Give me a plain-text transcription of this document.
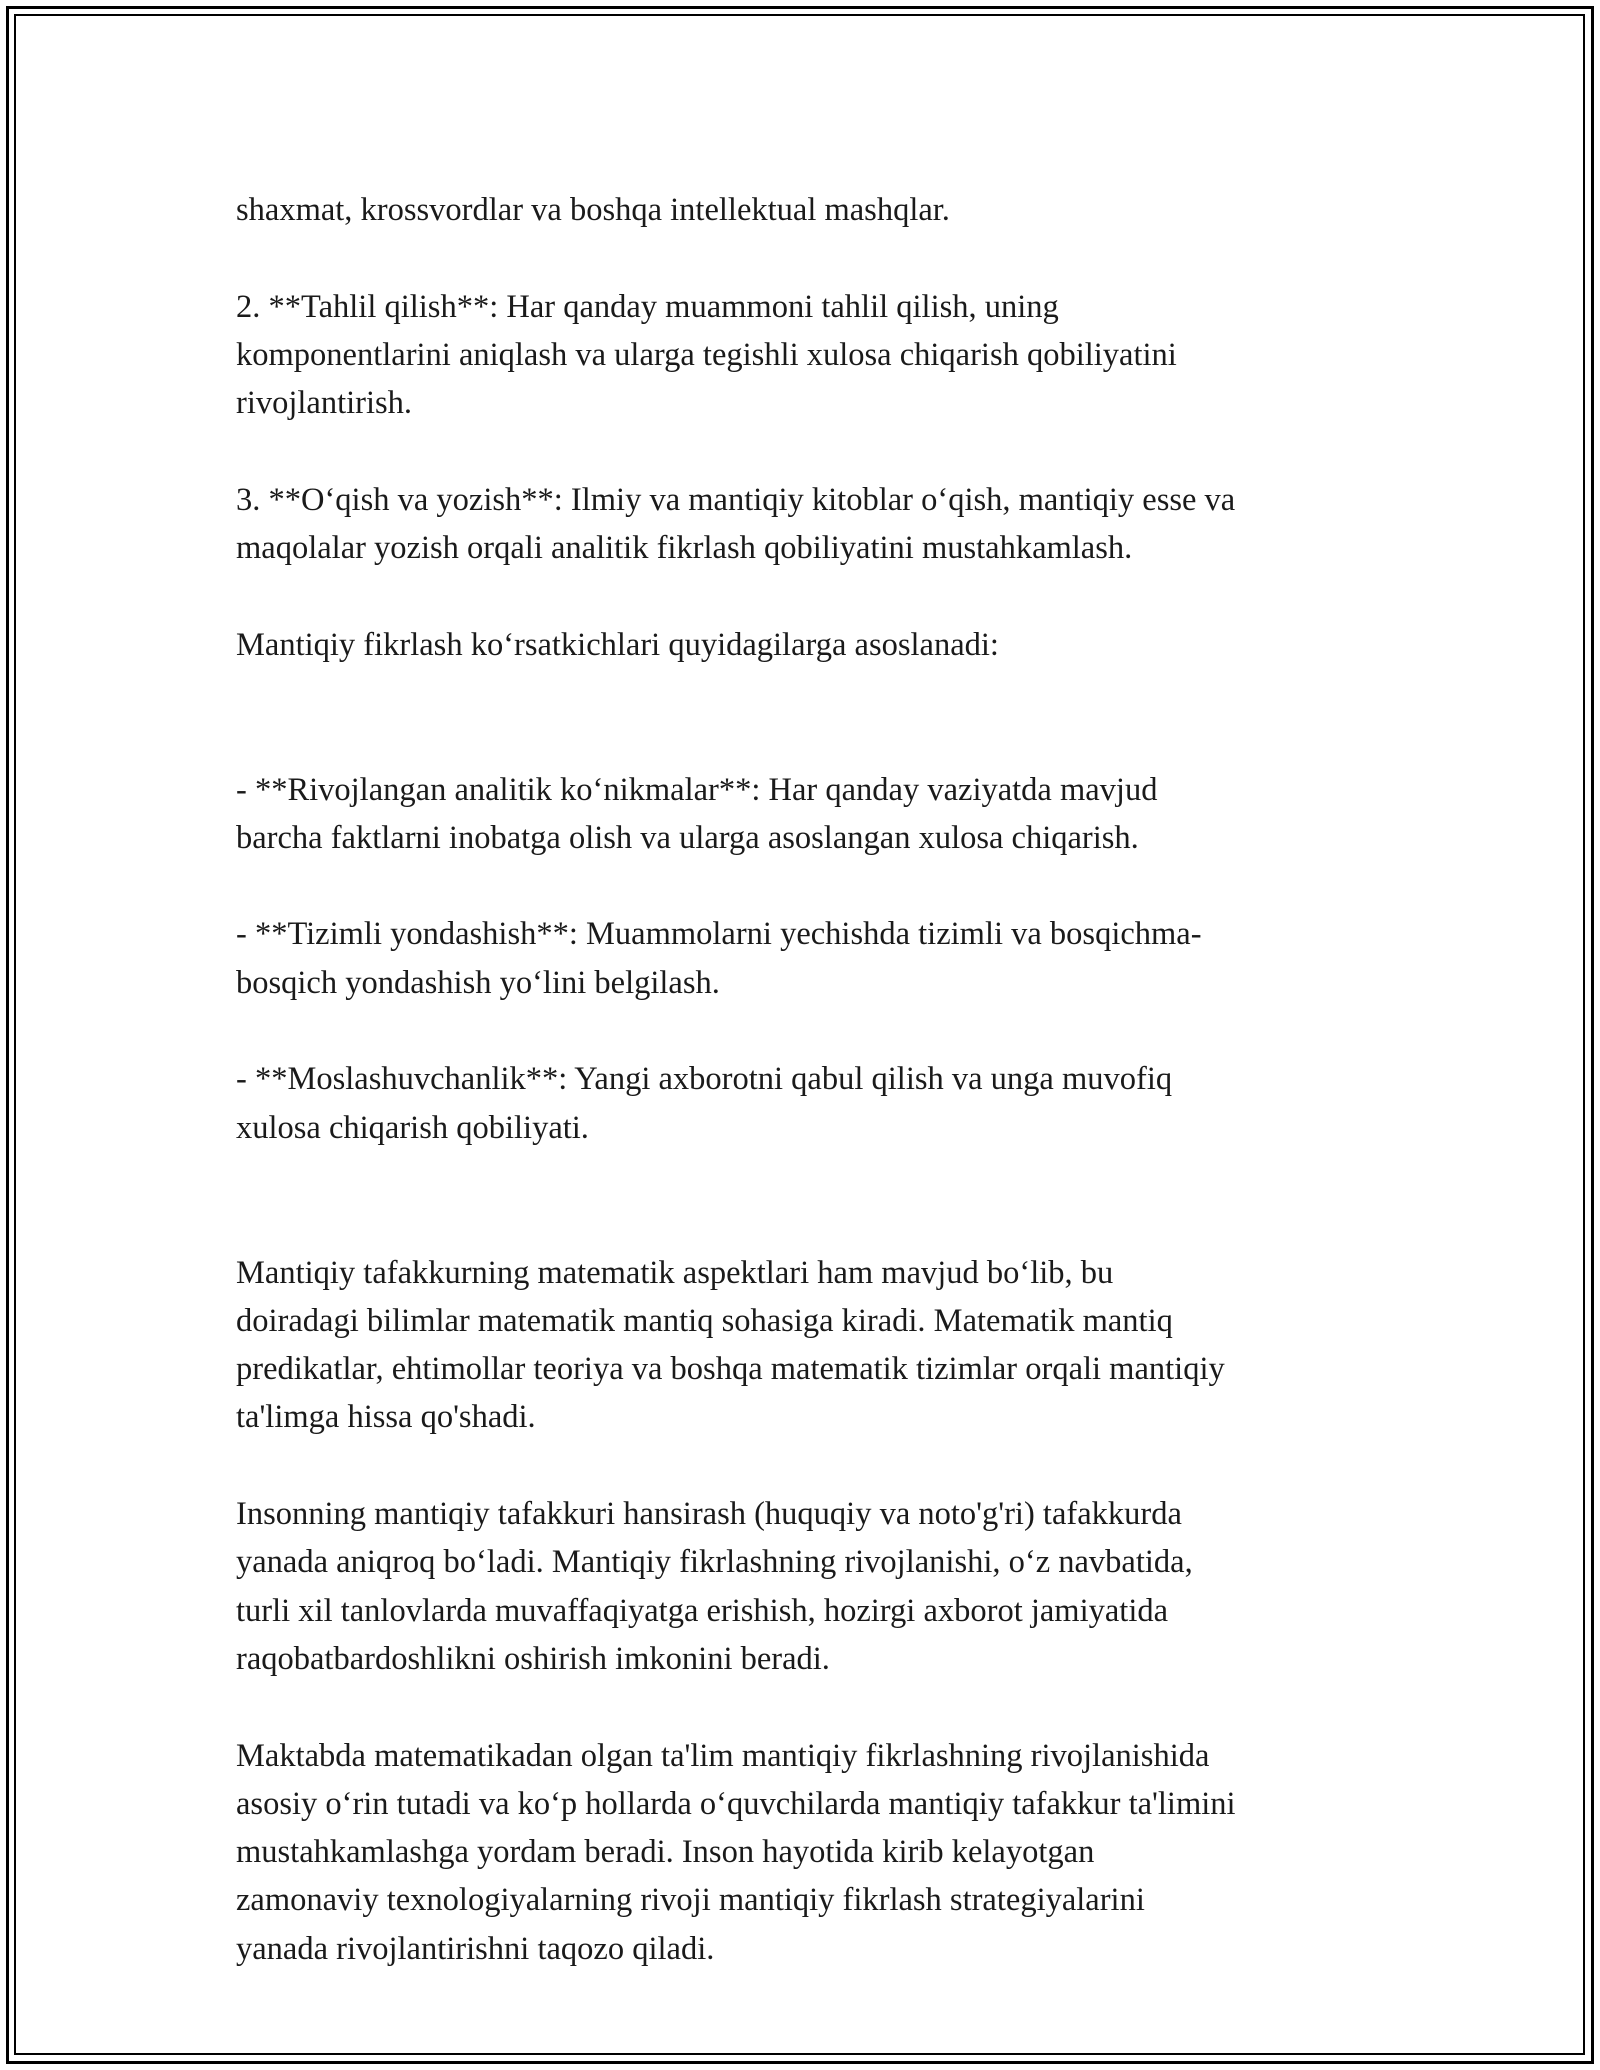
shaxmat, krossvordlar va boshqa intellektual mashqlar.

2. **Tahlil qilish**: Har qanday muammoni tahlil qilish, uning
komponentlarini aniqlash va ularga tegishli xulosa chiqarish qobiliyatini
rivojlantirish.

3. **O‘qish va yozish**: Ilmiy va mantiqiy kitoblar o‘qish, mantiqiy esse va
maqolalar yozish orqali analitik fikrlash qobiliyatini mustahkamlash.

Mantiqiy fikrlash ko‘rsatkichlari quyidagilarga asoslanadi:

- **Rivojlangan analitik ko‘nikmalar**: Har qanday vaziyatda mavjud
barcha faktlarni inobatga olish va ularga asoslangan xulosa chiqarish.

- **Tizimli yondashish**: Muammolarni yechishda tizimli va bosqichma-
bosqich yondashish yo‘lini belgilash.

- **Moslashuvchanlik**: Yangi axborotni qabul qilish va unga muvofiq
xulosa chiqarish qobiliyati.

Mantiqiy tafakkurning matematik aspektlari ham mavjud bo‘lib, bu
doiradagi bilimlar matematik mantiq sohasiga kiradi. Matematik mantiq
predikatlar, ehtimollar teoriya va boshqa matematik tizimlar orqali mantiqiy
ta'limga hissa qo'shadi.

Insonning mantiqiy tafakkuri hansirash (huquqiy va noto'g'ri) tafakkurda
yanada aniqroq bo‘ladi. Mantiqiy fikrlashning rivojlanishi, o‘z navbatida,
turli xil tanlovlarda muvaffaqiyatga erishish, hozirgi axborot jamiyatida
raqobatbardoshlikni oshirish imkonini beradi.

Maktabda matematikadan olgan ta'lim mantiqiy fikrlashning rivojlanishida
asosiy o‘rin tutadi va ko‘p hollarda o‘quvchilarda mantiqiy tafakkur ta'limini
mustahkamlashga yordam beradi. Inson hayotida kirib kelayotgan
zamonaviy texnologiyalarning rivoji mantiqiy fikrlash strategiyalarini
yanada rivojlantirishni taqozo qiladi.
